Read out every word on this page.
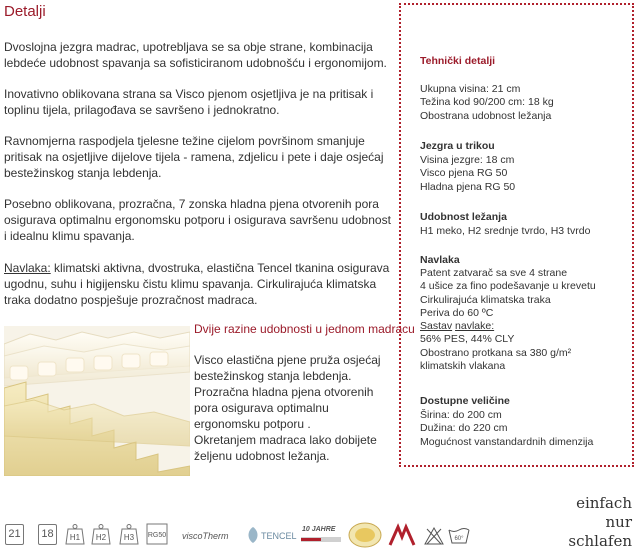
Detalji

Dvoslojna jezgra madrac, upotrebljava se sa obje strane, kombinacija lebdeće udobnost spavanja sa sofisticiranom udobnošću i ergonomijom.

Inovativno oblikovana strana sa Visco pjenom osjetljiva je na pritisak i toplinu tijela, prilagođava se savršeno i jednokratno.

Ravnomjerna raspodjela tjelesne težine cijelom površinom smanjuje pritisak na osjetljive dijelove tijela - ramena, zdjelicu i pete i daje osjećaj bestežinskog stanja lebdenja.

Posebno oblikovana, prozračna, 7 zonska hladna pjena otvorenih pora osigurava optimalnu ergonomsku potporu i osigurava savršenu udobnost i idealnu klimu spavanja.

Navlaka: klimatski aktivna, dvostruka, elastična Tencel tkanina osigurava ugodnu, suhu i higijensku čistu klimu spavanja. Cirkulirajuća klimatska traka dodatno pospješuje prozračnost madraca.

Dvije razine udobnosti u jednom madracu

Visco elastična pjene pruža osjećaj bestežinskog stanja lebdenja.
Prozračna hladna pjena otvorenih pora osigurava optimalnu ergonomsku potporu .
Okretanjem madraca lako dobijete željenu udobnost ležanja.

Tehnički detalji

Ukupna visina: 21 cm
Težina kod 90/200 cm: 18 kg
Obostrana udobnost ležanja

Jezgra u trikou

Visina jezgre: 18 cm
Visco pjena RG 50
Hladna pjena RG 50

Udobnost ležanja

H1 meko, H2 srednje tvrdo, H3 tvrdo

Navlaka

Patent zatvarač sa sve 4 strane
4 ušice za fino podešavanje u krevetu
Cirkulirajuća klimatska traka
Periva do 60 ºC
Sastav navlake:
56% PES, 44% CLY
Obostrano protkana sa 380 g/m²
klimatskih vlakana

Dostupne veličine

Širina: do 200 cm
Dužina: do 220 cm
Mogućnost vanstandardnih dimenzija

21	18	H1 H2 H3 RG50 viscoTherm	TENCEL
10 JAHRE
60°
einfach
nur
schlafen
